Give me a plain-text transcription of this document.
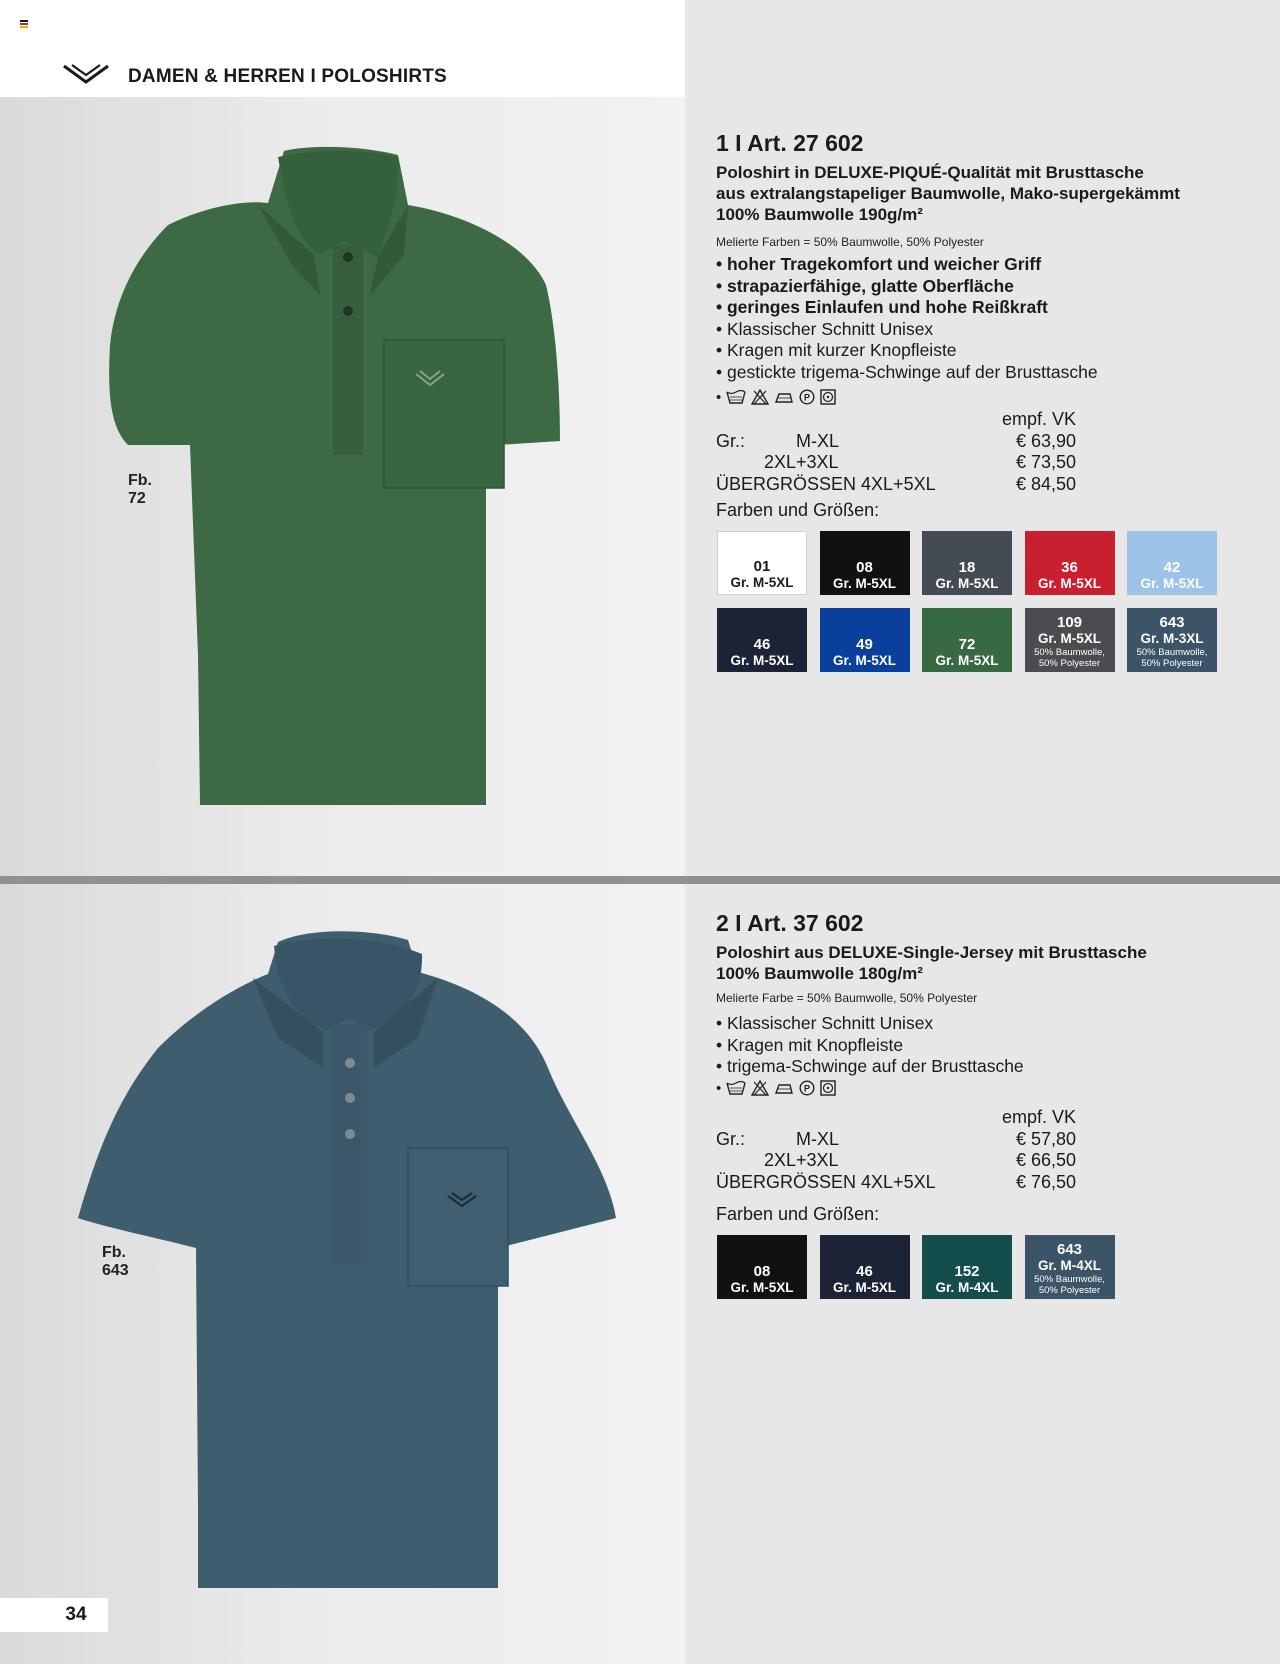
DAMEN & HERREN I POLOSHIRTS
Fb.
72
1 I Art. 27 602
Poloshirt in DELUXE-PIQUÉ-Qualität mit Brusttasche
aus extralangstapeliger Baumwolle, Mako-supergekämmt
100% Baumwolle 190g/m²
Melierte Farben = 50% Baumwolle, 50% Polyester
• hoher Tragekomfort und weicher Griff
• strapazierfähige, glatte Oberfläche
• geringes Einlaufen und hohe Reißkraft
• Klassischer Schnitt Unisex
• Kragen mit kurzer Knopfleiste
• gestickte trigema-Schwinge auf der Brusttasche
•	P
empf. VK
Gr.:	M-XL	€ 63,90
2XL+3XL	€ 73,50
ÜBERGRÖSSEN 4XL+5XL	€ 84,50
Farben und Größen:
01
Gr. M-5XL
08
Gr. M-5XL
18
Gr. M-5XL
36
Gr. M-5XL
42
Gr. M-5XL
46
Gr. M-5XL
49
Gr. M-5XL
72
Gr. M-5XL
109
Gr. M-5XL
50% Baumwolle,
50% Polyester
643
Gr. M-3XL
50% Baumwolle,
50% Polyester
Fb.
643
2 I Art. 37 602
Poloshirt aus DELUXE-Single-Jersey mit Brusttasche
100% Baumwolle 180g/m²
Melierte Farbe = 50% Baumwolle, 50% Polyester
• Klassischer Schnitt Unisex
• Kragen mit Knopfleiste
• trigema-Schwinge auf der Brusttasche
•	P
empf. VK
Gr.:	M-XL	€ 57,80
2XL+3XL	€ 66,50
ÜBERGRÖSSEN 4XL+5XL	€ 76,50
Farben und Größen:
08
Gr. M-5XL
46
Gr. M-5XL
152
Gr. M-4XL
643
Gr. M-4XL
50% Baumwolle,
50% Polyester
34
